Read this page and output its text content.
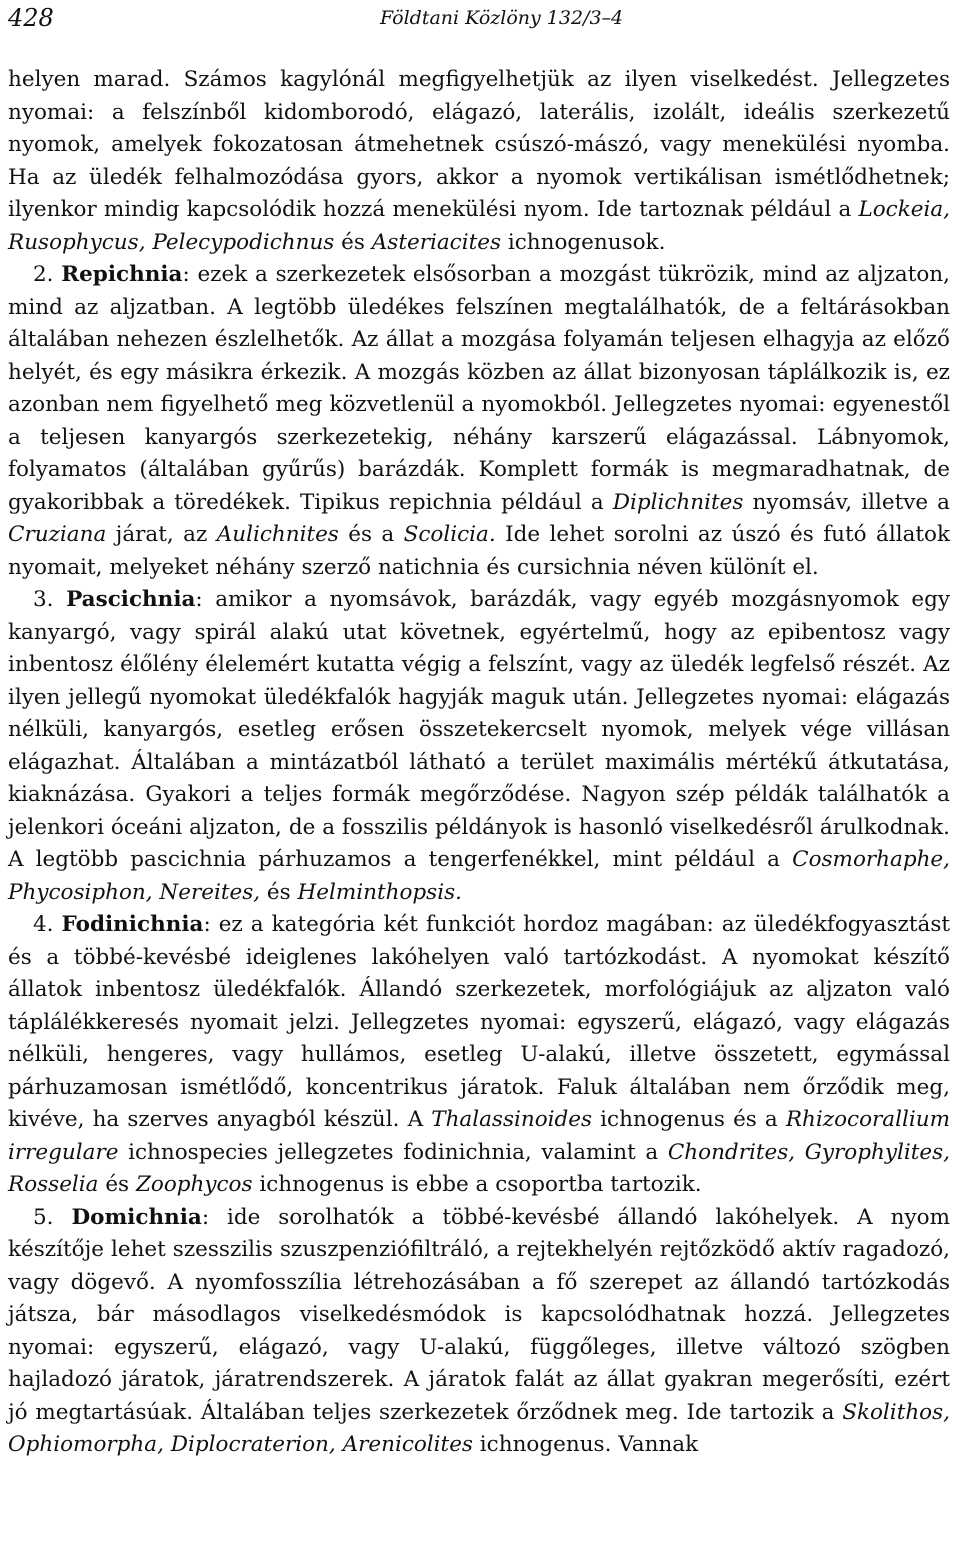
428	Földtani Közlöny 132/3–4

helyen marad. Számos kagylónál megfigyelhetjük az ilyen viselkedést. Jellegzetes nyomai: a felszínből kidomborodó, elágazó, laterális, izolált, ideális szerkezetű nyomok, amelyek fokozatosan átmehetnek csúszó-mászó, vagy menekülési nyomba. Ha az üledék felhalmozódása gyors, akkor a nyomok vertikálisan ismétlődhetnek; ilyenkor mindig kapcsolódik hozzá menekülési nyom. Ide tartoznak például a Lockeia, Rusophycus, Pelecypodichnus és Asteriacites ichnogenusok.

2. Repichnia: ezek a szerkezetek elsősorban a mozgást tükrözik, mind az aljzaton, mind az aljzatban. A legtöbb üledékes felszínen megtalálhatók, de a feltárásokban általában nehezen észlelhetők. Az állat a mozgása folyamán teljesen elhagyja az előző helyét, és egy másikra érkezik. A mozgás közben az állat bizonyosan táplálkozik is, ez azonban nem figyelhető meg közvetlenül a nyomokból. Jellegzetes nyomai: egyenestől a teljesen kanyargós szerkezetekig, néhány karszerű elágazással. Lábnyomok, folyamatos (általában gyűrűs) barázdák. Komplett formák is megmaradhatnak, de gyakoribbak a töredékek. Tipikus repichnia például a Diplichnites nyomsáv, illetve a Cruziana járat, az Aulichnites és a Scolicia. Ide lehet sorolni az úszó és futó állatok nyomait, melyeket néhány szerző natichnia és cursichnia néven különít el.

3. Pascichnia: amikor a nyomsávok, barázdák, vagy egyéb mozgásnyomok egy kanyargó, vagy spirál alakú utat követnek, egyértelmű, hogy az epibentosz vagy inbentosz élőlény élelemért kutatta végig a felszínt, vagy az üledék legfelső részét. Az ilyen jellegű nyomokat üledékfalók hagyják maguk után. Jellegzetes nyomai: elágazás nélküli, kanyargós, esetleg erősen összetekercselt nyomok, melyek vége villásan elágazhat. Általában a mintázatból látható a terület maximális mértékű átkutatása, kiaknázása. Gyakori a teljes formák megőrződése. Nagyon szép példák találhatók a jelenkori óceáni aljzaton, de a fosszilis példányok is hasonló viselkedésről árulkodnak. A legtöbb pascichnia párhuzamos a tengerfenékkel, mint például a Cosmorhaphe, Phycosiphon, Nereites, és Helminthopsis.

4. Fodinichnia: ez a kategória két funkciót hordoz magában: az üledékfogyasztást és a többé-kevésbé ideiglenes lakóhelyen való tartózkodást. A nyomokat készítő állatok inbentosz üledékfalók. Állandó szerkezetek, morfológiájuk az aljzaton való táplálékkeresés nyomait jelzi. Jellegzetes nyomai: egyszerű, elágazó, vagy elágazás nélküli, hengeres, vagy hullámos, esetleg U-alakú, illetve összetett, egymással párhuzamosan ismétlődő, koncentrikus járatok. Faluk általában nem őrződik meg, kivéve, ha szerves anyagból készül. A Thalassinoides ichnogenus és a Rhizocorallium irregulare ichnospecies jellegzetes fodinichnia, valamint a Chondrites, Gyrophylites, Rosselia és Zoophycos ichnogenus is ebbe a csoportba tartozik.

5. Domichnia: ide sorolhatók a többé-kevésbé állandó lakóhelyek. A nyom készítője lehet szesszilis szuszpenziófiltráló, a rejtekhelyén rejtőzködő aktív ragadozó, vagy dögevő. A nyomfosszília létrehozásában a fő szerepet az állandó tartózkodás játsza, bár másodlagos viselkedésmódok is kapcsolódhatnak hozzá. Jellegzetes nyomai: egyszerű, elágazó, vagy U-alakú, függőleges, illetve változó szögben hajladozó járatok, járatrendszerek. A járatok falát az állat gyakran megerősíti, ezért jó megtartásúak. Általában teljes szerkezetek őrződnek meg. Ide tartozik a Skolithos, Ophiomorpha, Diplocraterion, Arenicolites ichnogenus. Vannak
